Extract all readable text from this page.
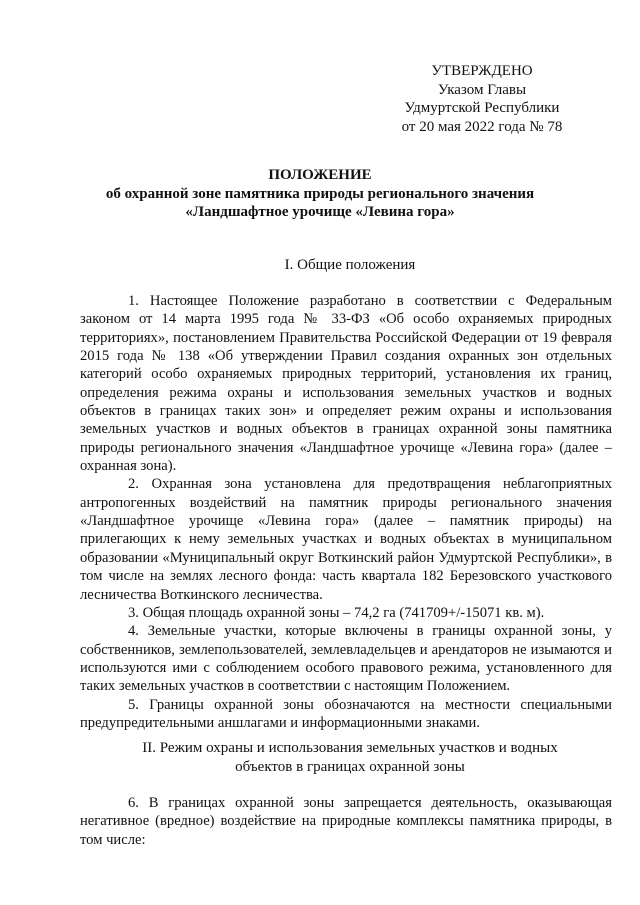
УТВЕРЖДЕНО
Указом Главы
Удмуртской Республики
от 20 мая 2022 года № 78
ПОЛОЖЕНИЕ
об охранной зоне памятника природы регионального значения
«Ландшафтное урочище «Левина гора»
I. Общие положения

1. Настоящее Положение разработано в соответствии с Федеральным законом от 14 марта 1995 года № 33-ФЗ «Об особо охраняемых природных территориях», постановлением Правительства Российской Федерации от 19 февраля 2015 года № 138 «Об утверждении Правил создания охранных зон отдельных категорий особо охраняемых природных территорий, установления их границ, определения режима охраны и использования земельных участков и водных объектов в границах таких зон» и определяет режим охраны и использования земельных участков и водных объектов в границах охранной зоны памятника природы регионального значения «Ландшафтное урочище «Левина гора» (далее – охранная зона).

2. Охранная зона установлена для предотвращения неблагоприятных антропогенных воздействий на памятник природы регионального значения «Ландшафтное урочище «Левина гора» (далее – памятник природы) на прилегающих к нему земельных участках и водных объектах в муниципальном образовании «Муниципальный округ Воткинский район Удмуртской Республики», в том числе на землях лесного фонда: часть квартала 182 Березовского участкового лесничества Воткинского лесничества.

3. Общая площадь охранной зоны – 74,2 га (741709+/-15071 кв. м).

4. Земельные участки, которые включены в границы охранной зоны, у собственников, землепользователей, землевладельцев и арендаторов не изымаются и используются ими с соблюдением особого правового режима, установленного для таких земельных участков в соответствии с настоящим Положением.

5. Границы охранной зоны обозначаются на местности специальными предупредительными аншлагами и информационными знаками.

II. Режим охраны и использования земельных участков и водных
объектов в границах охранной зоны

6. В границах охранной зоны запрещается деятельность, оказывающая негативное (вредное) воздействие на природные комплексы памятника природы, в том числе:
